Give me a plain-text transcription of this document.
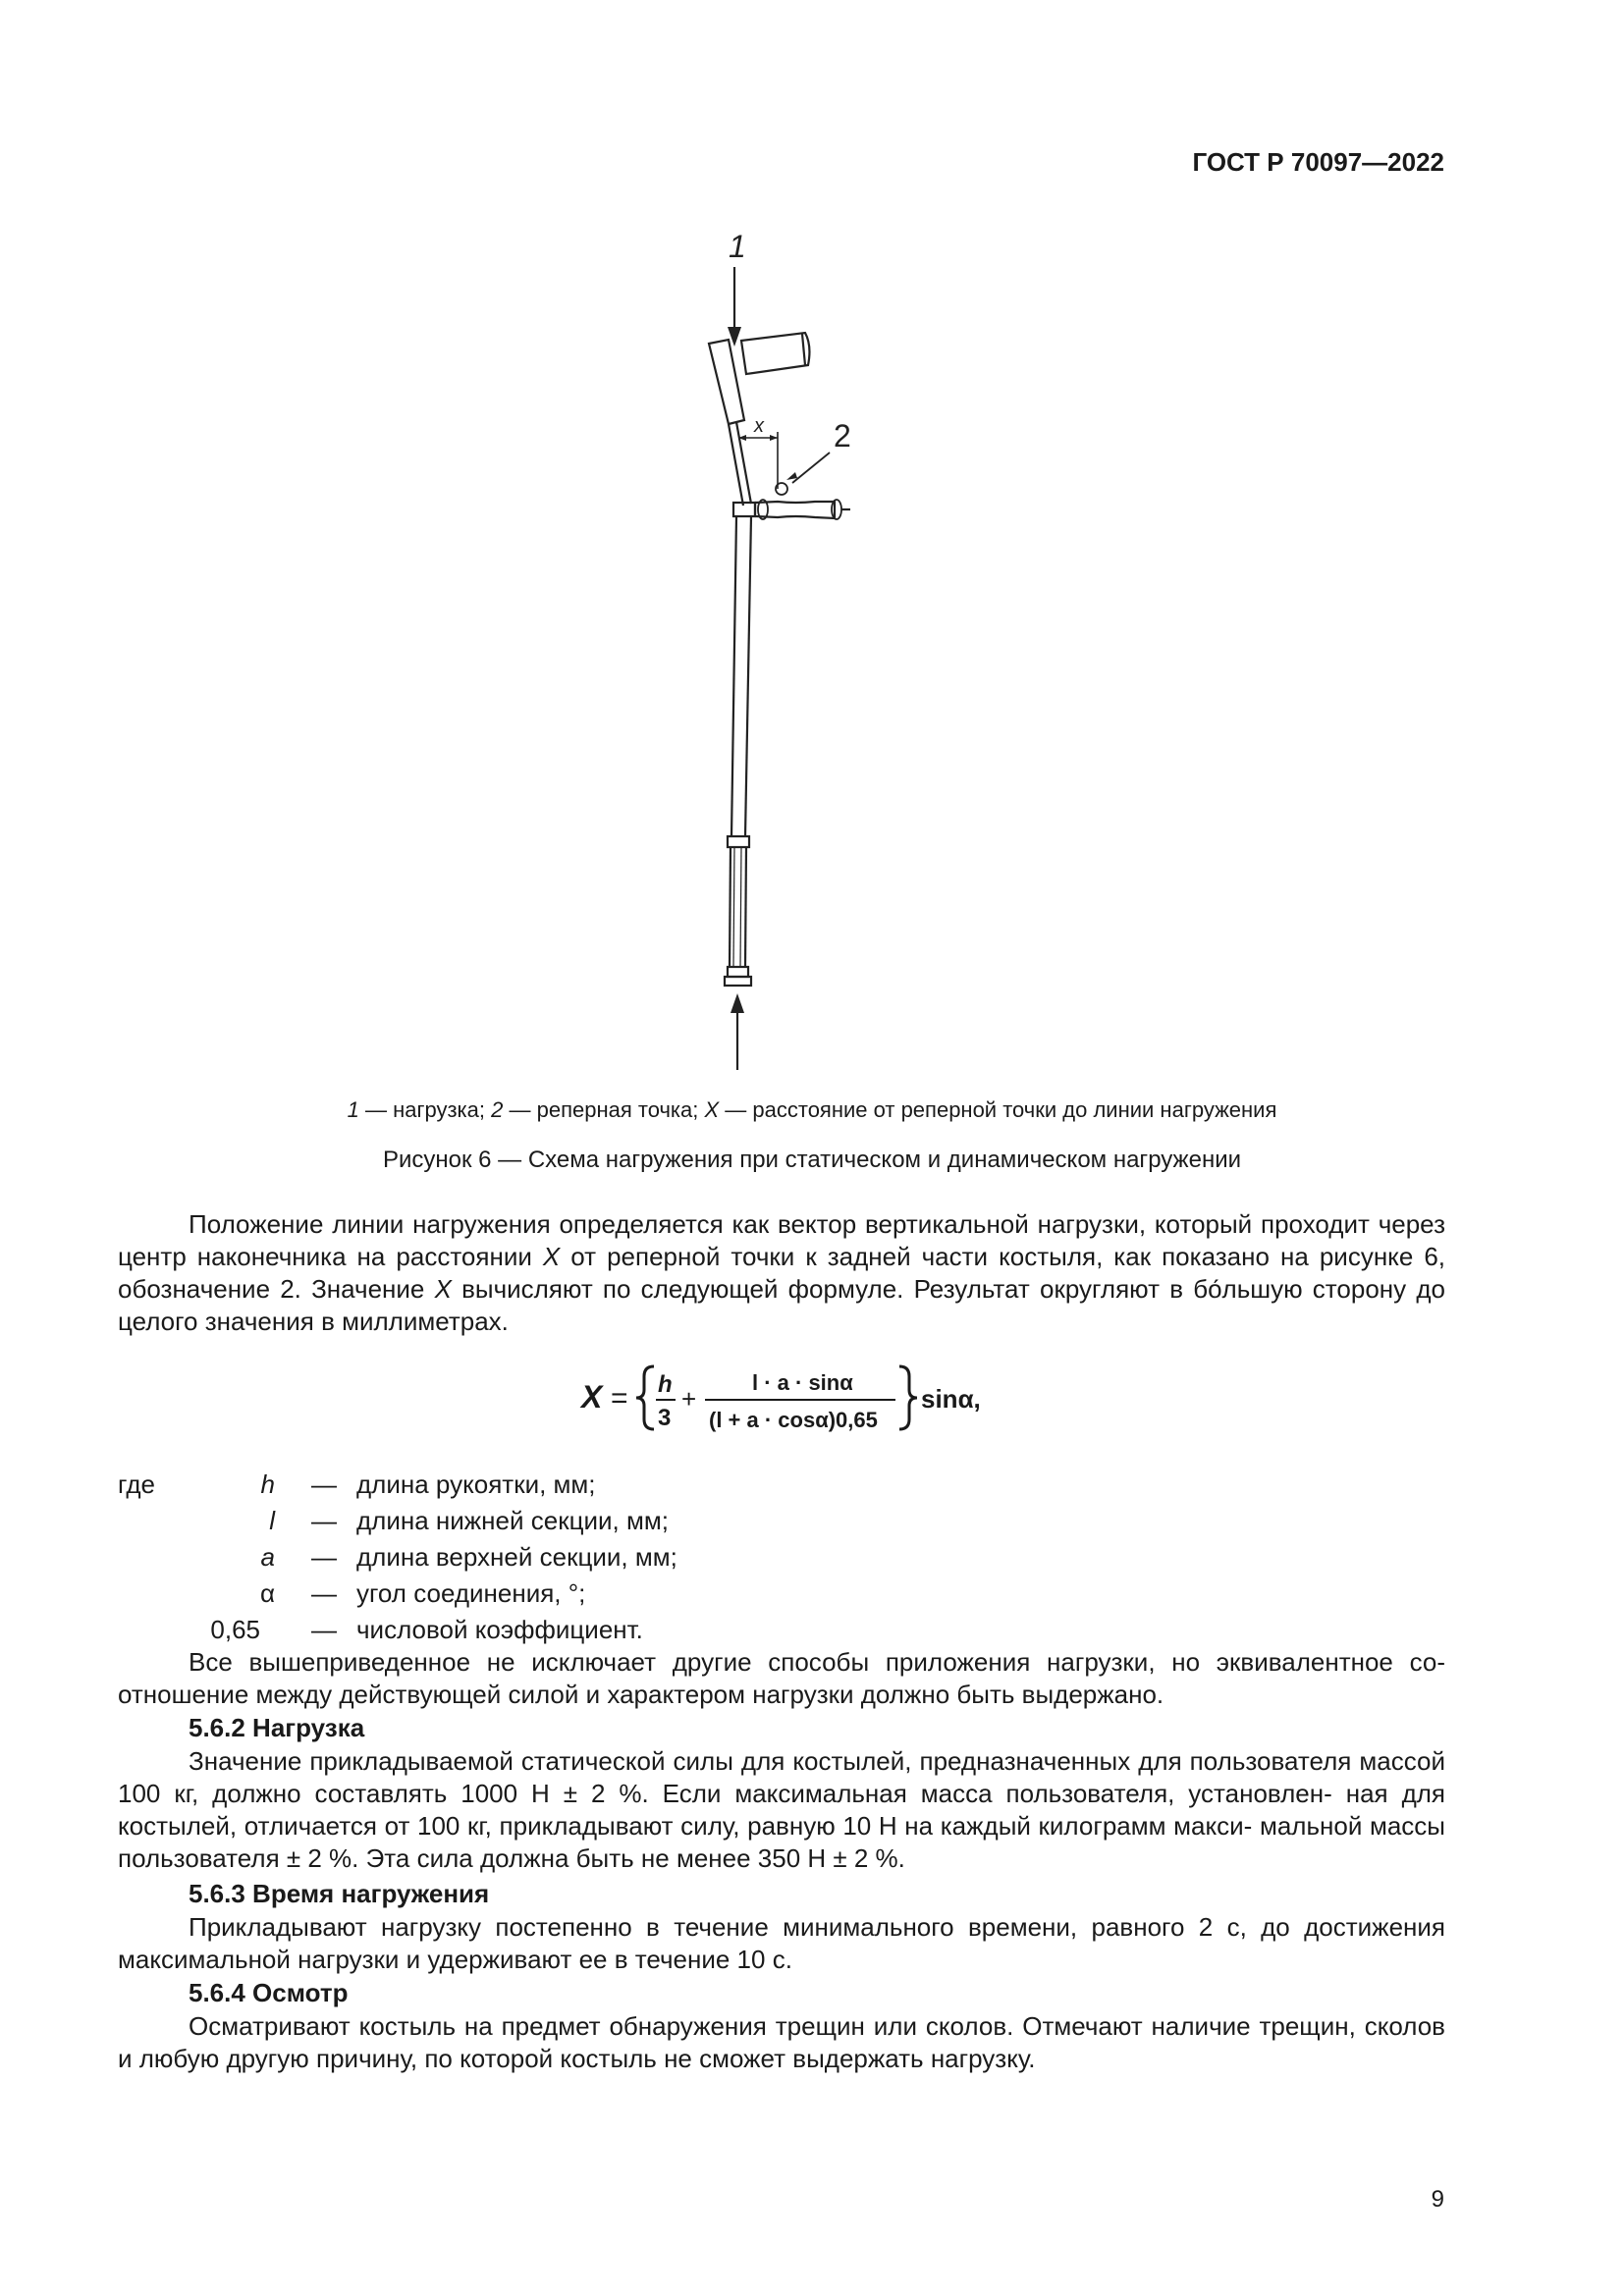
ГОСТ Р 70097—2022
1
2
x
1 — нагрузка; 2 — реперная точка; X — расстояние от реперной точки до линии нагружения
Рисунок 6 — Схема нагружения при статическом и динамическом нагружении
Положение линии нагружения определяется как вектор вертикальной нагрузки, который проходит через центр наконечника на расстоянии X от реперной точки к задней части костыля, как показано на рисунке 6, обозначение 2. Значение X вычисляют по следующей формуле. Результат округляют в бо́льшую сторону до целого значения в миллиметрах.
X = h
3
+
l · a · sinα
(l + a · cosα)0,65
sinα,
где	h — длина рукоятки, мм;
l — длина нижней секции, мм;
a — длина верхней секции, мм;
α — угол соединения, °;
0,65 — числовой коэффициент.
Все вышеприведенное не исключает другие способы приложения нагрузки, но эквивалентное со- отношение между действующей силой и характером нагрузки должно быть выдержано.
5.6.2 Нагрузка
Значение прикладываемой статической силы для костылей, предназначенных для пользователя массой 100 кг, должно составлять 1000 Н ± 2 %. Если максимальная масса пользователя, установлен- ная для костылей, отличается от 100 кг, прикладывают силу, равную 10 Н на каждый килограмм макси- мальной массы пользователя ± 2 %. Эта сила должна быть не менее 350 Н ± 2 %.
5.6.3 Время нагружения
Прикладывают нагрузку постепенно в течение минимального времени, равного 2 с, до достижения максимальной нагрузки и удерживают ее в течение 10 с.
5.6.4 Осмотр
Осматривают костыль на предмет обнаружения трещин или сколов. Отмечают наличие трещин, сколов и любую другую причину, по которой костыль не сможет выдержать нагрузку.
9
